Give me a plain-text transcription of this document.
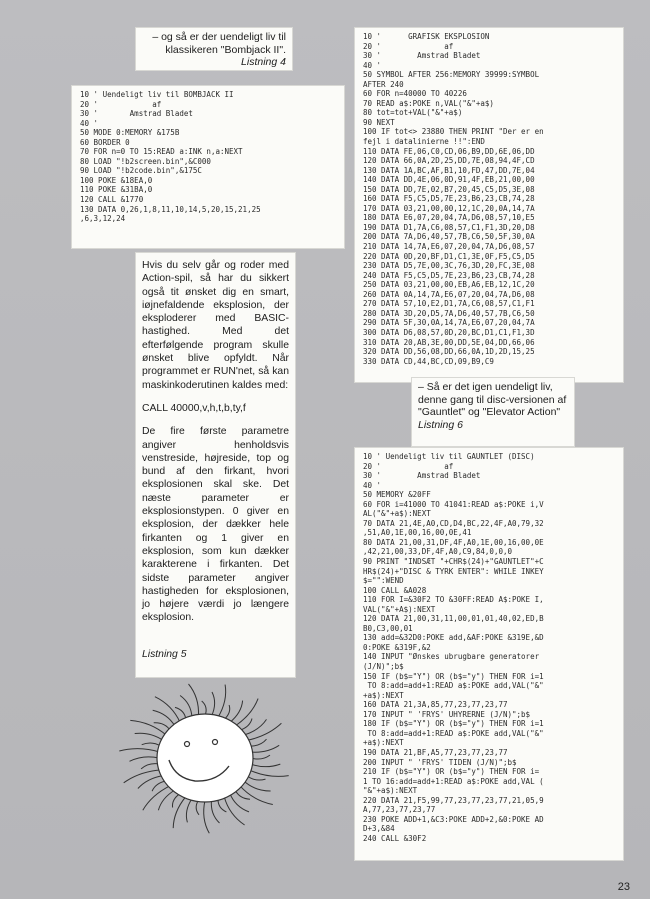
– og så er der uendeligt liv til klassikeren "Bombjack II".
Listning 4
10 ' Uendeligt liv til BOMBJACK II
20 '            af
30 '       Amstrad Bladet
40 '
50 MODE 0:MEMORY &175B
60 BORDER 0
70 FOR n=0 TO 15:READ a:INK n,a:NEXT
80 LOAD "!b2screen.bin",&C000
90 LOAD "!b2code.bin",&175C
100 POKE &18EA,0
110 POKE &31BA,0
120 CALL &1770
130 DATA 0,26,1,8,11,10,14,5,20,15,21,25
,6,3,12,24

Hvis du selv går og roder med Action-spil, så har du sikkert også tit ønsket dig en smart, iøjnefaldende eksplosion, der eksploderer med BASIC-hastighed. Med det efterfølgende program skulle ønsket blive opfyldt. Når programmet er RUN'net, så kan maskinkoderutinen kaldes med:

CALL 40000,v,h,t,b,ty,f

De fire første parametre angiver henholdsvis venstreside, højreside, top og bund af den firkant, hvori eksplosionen skal ske. Det næste parameter er eksplosionstypen. 0 giver en eksplosion, der dækker hele firkanten og 1 giver en eksplosion, som kun dækker karakterene i firkanten. Det sidste parameter angiver hastigheden for eksplosionen, jo højere værdi jo længere eksplosion.

Listning 5

10 '      GRAFISK EKSPLOSION
20 '              af
30 '        Amstrad Bladet
40 '
50 SYMBOL AFTER 256:MEMORY 39999:SYMBOL
AFTER 240
60 FOR n=40000 TO 40226
70 READ a$:POKE n,VAL("&"+a$)
80 tot=tot+VAL("&"+a$)
90 NEXT
100 IF tot<> 23880 THEN PRINT "Der er en
fejl i datalinierne !!":END
110 DATA FE,06,C0,CD,06,B9,DD,6E,06,DD
120 DATA 66,0A,2D,25,DD,7E,08,94,4F,CD
130 DATA 1A,BC,AF,B1,10,FD,47,DD,7E,04
140 DATA DD,4E,06,0D,91,4F,EB,21,00,00
150 DATA DD,7E,02,B7,20,45,C5,D5,3E,08
160 DATA F5,C5,D5,7E,23,B6,23,CB,74,28
170 DATA 03,21,00,00,12,1C,20,0A,14,7A
180 DATA E6,07,20,04,7A,D6,08,57,10,E5
190 DATA D1,7A,C6,08,57,C1,F1,3D,20,D8
200 DATA 7A,D6,40,57,7B,C6,50,5F,30,0A
210 DATA 14,7A,E6,07,20,04,7A,D6,08,57
220 DATA 0D,20,BF,D1,C1,3E,0F,F5,C5,D5
230 DATA D5,7E,00,3C,76,3D,20,FC,3E,08
240 DATA F5,C5,D5,7E,23,B6,23,CB,74,28
250 DATA 03,21,00,00,EB,A6,EB,12,1C,20
260 DATA 0A,14,7A,E6,07,20,04,7A,D6,08
270 DATA 57,10,E2,D1,7A,C6,08,57,C1,F1
280 DATA 3D,20,D5,7A,D6,40,57,7B,C6,50
290 DATA 5F,30,0A,14,7A,E6,07,20,04,7A
300 DATA D6,08,57,0D,20,BC,D1,C1,F1,3D
310 DATA 20,AB,3E,00,DD,5E,04,DD,66,06
320 DATA DD,56,08,DD,66,0A,1D,2D,15,25
330 DATA CD,44,BC,CD,09,B9,C9
– Så er det igen uendeligt liv, denne gang til disc-versionen af "Gauntlet" og "Elevator Action"
Listning 6
10 ' Uendeligt liv til GAUNTLET (DISC)
20 '              af
30 '        Amstrad Bladet
40 '
50 MEMORY &20FF
60 FOR i=41000 TO 41041:READ a$:POKE i,V
AL("&"+a$):NEXT
70 DATA 21,4E,A0,CD,D4,BC,22,4F,A0,79,32
,51,A0,1E,00,16,00,0E,41
80 DATA 21,00,31,DF,4F,A0,1E,00,16,00,0E
,42,21,00,33,DF,4F,A0,C9,84,0,0,0
90 PRINT "INDSÆT "+CHR$(24)+"GAUNTLET"+C
HR$(24)+"DISC & TYRK ENTER": WHILE INKEY
$="":WEND
100 CALL &A028
110 FOR I=&30F2 TO &30FF:READ A$:POKE I,
VAL("&"+A$):NEXT
120 DATA 21,00,31,11,00,01,01,40,02,ED,B
B0,C3,00,01
130 add=&32D0:POKE add,&AF:POKE &319E,&D
0:POKE &319F,&2
140 INPUT "Ønskes ubrugbare generatorer
(J/N)";b$
150 IF (b$="Y") OR (b$="y") THEN FOR i=1
TO 8:add=add+1:READ a$:POKE add,VAL("&"
+a$):NEXT
160 DATA 21,3A,85,77,23,77,23,77
170 INPUT " 'FRYS' UHYRERNE (J/N)";b$
180 IF (b$="Y") OR (b$="y") THEN FOR i=1
TO 8:add=add+1:READ a$:POKE add,VAL("&"
+a$):NEXT
190 DATA 21,BF,A5,77,23,77,23,77
200 INPUT " 'FRYS' TIDEN (J/N)";b$
210 IF (b$="Y") OR (b$="y") THEN FOR i=
1 TO 16:add=add+1:READ a$:POKE add,VAL (
"&"+a$):NEXT
220 DATA 21,F5,99,77,23,77,23,77,21,05,9
A,77,23,77,23,77
230 POKE ADD+1,&C3:POKE ADD+2,&0:POKE AD
D+3,&84
240 CALL &30F2
23
